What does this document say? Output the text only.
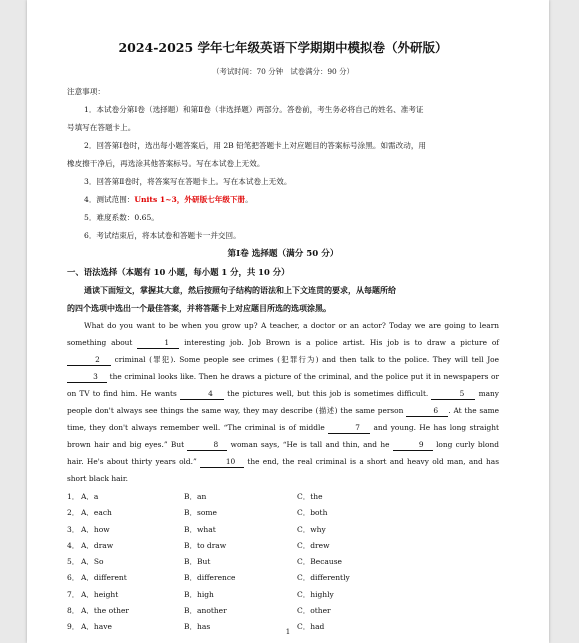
2024-2025 学年七年级英语下学期期中模拟卷（外研版）
（考试时间：70 分钟　试卷满分：90 分）

注意事项：

1．本试卷分第Ⅰ卷（选择题）和第Ⅱ卷（非选择题）两部分。答卷前，考生务必将自己的姓名、准考证

号填写在答题卡上。

2．回答第Ⅰ卷时，选出每小题答案后，用 2B 铅笔把答题卡上对应题目的答案标号涂黑。如需改动，用

橡皮擦干净后，再选涂其他答案标号。写在本试卷上无效。

3．回答第Ⅱ卷时，将答案写在答题卡上。写在本试卷上无效。

4．测试范围：Units 1~3，外研版七年级下册。

5．难度系数：0.65。

6．考试结束后，将本试卷和答题卡一并交回。

第Ⅰ卷 选择题（满分 50 分）
一、语法选择（本题有 10 小题，每小题 1 分，共 10 分）
通读下面短文，掌握其大意，然后按照句子结构的语法和上下文连贯的要求，从每题所给
的四个选项中选出一个最佳答案，并将答题卡上对应题目所选的选项涂黑。
What do you want to be when you grow up? A teacher, a doctor or an actor? Today we are going to learn something about	1 interesting job. Job Brown is a police artist. His job is to draw a picture of 2 criminal (罪犯). Some people see crimes (犯罪行为) and then talk to the police. They will tell Joe 3 the criminal looks like. Then he draws a picture of the criminal, and the police put it in newspapers or on TV to find him. He wants	4 the pictures well, but this job is sometimes difficult.	5 many people don't always see things the same way, they may describe (描述) the same person	6 . At the same time, they don't always remember well. “The criminal is of middle	7 and young. He has long straight brown hair and big eyes.” But	8 woman says, “He is tall and thin, and he	9 long curly blond hair. He's about thirty years old.”	10 the end, the real criminal is a short and heavy old man, and has short black hair.
1． A．a	B．an	C．the
2． A．each	B．some	C．both
3． A．how	B．what	C．why
4． A．draw	B．to draw	C．drew
5． A．So	B．But	C．Because
6． A．different	B．difference	C．differently
7． A．height	B．high	C．highly
8． A．the other	B．another	C．other
9． A．have	B．has	C．had
1
